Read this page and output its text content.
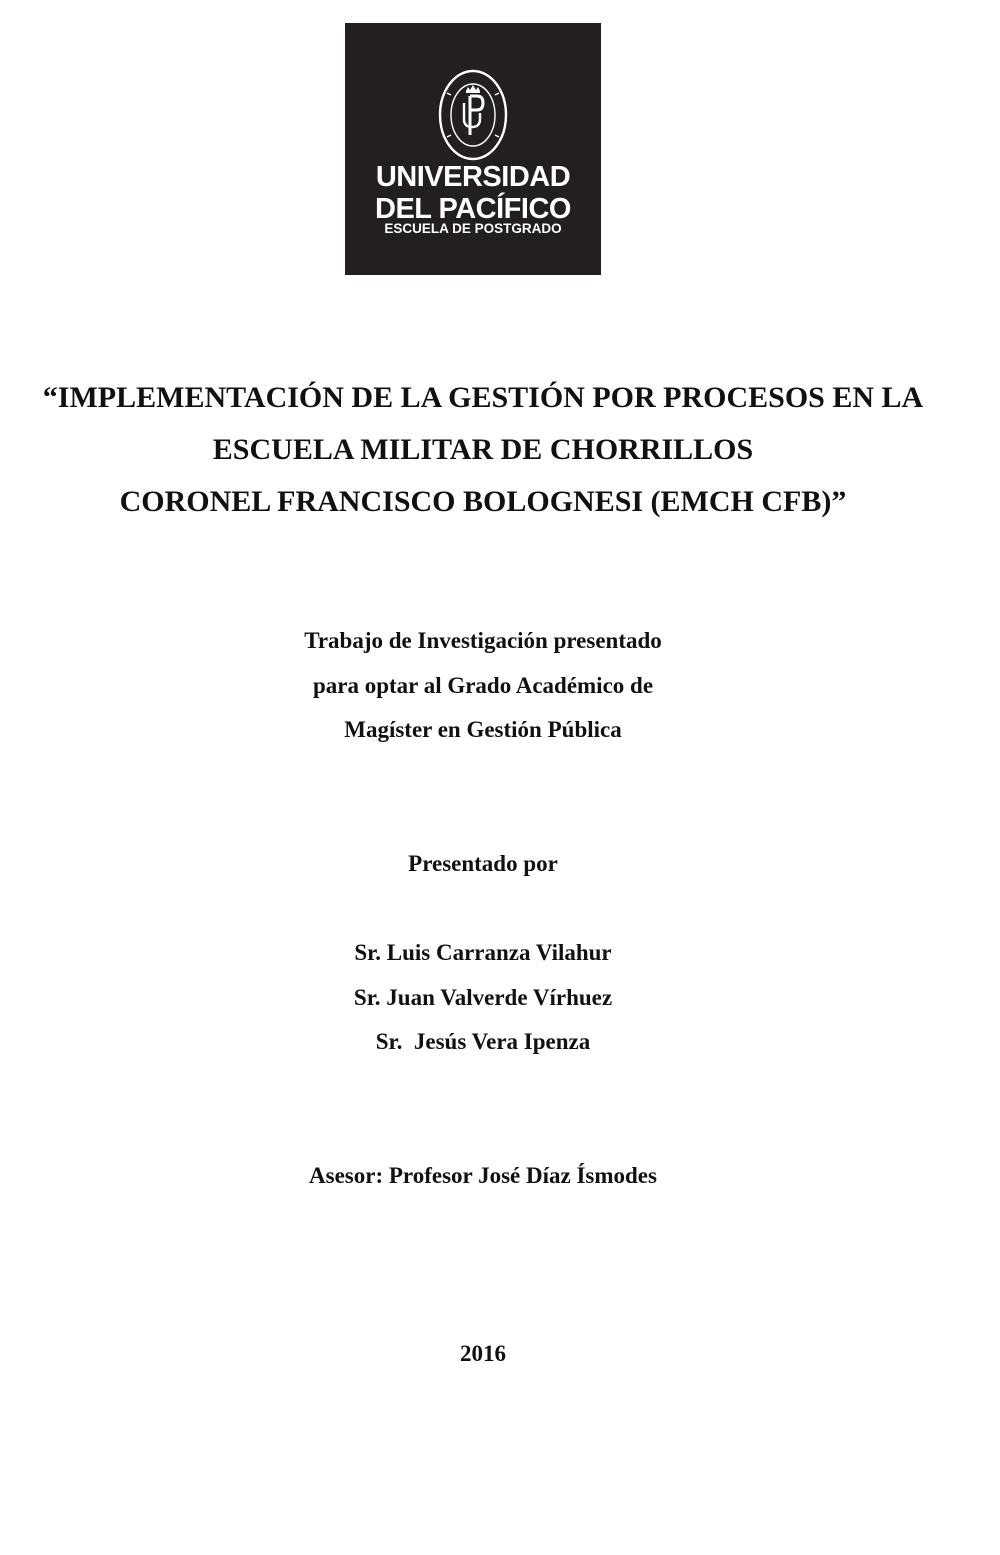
UNIVERSIDAD
DEL PACÍFICO
ESCUELA DE POSTGRADO
“IMPLEMENTACIÓN DE LA GESTIÓN POR PROCESOS EN LA
ESCUELA MILITAR DE CHORRILLOS
CORONEL FRANCISCO BOLOGNESI (EMCH CFB)”
Trabajo de Investigación presentado
para optar al Grado Académico de
Magíster en Gestión Pública
Presentado por
Sr. Luis Carranza Vilahur
Sr. Juan Valverde Vírhuez
Sr.  Jesús Vera Ipenza
Asesor: Profesor José Díaz Ísmodes
2016
